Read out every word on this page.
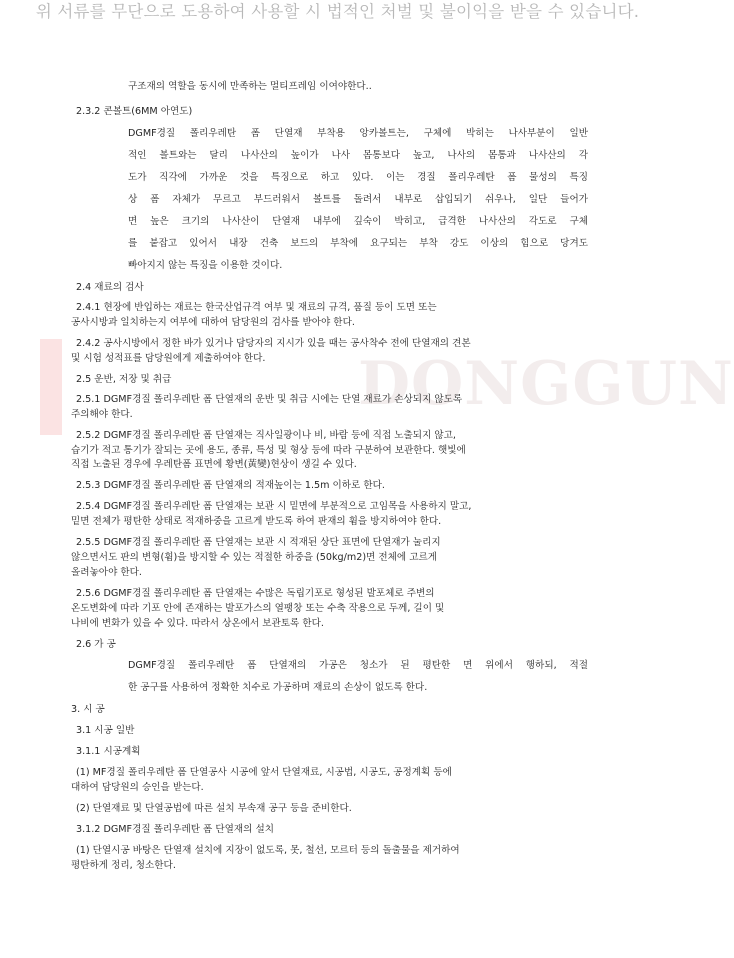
위 서류를 무단으로 도용하여 사용할 시 법적인 처벌 및 불이익을 받을 수 있습니다.
DONGGUN
구조재의 역할을 동시에 만족하는 멀티프레임 이여야한다..
2.3.2 콘볼트(6MM 아연도)
DGMF경질 폴리우레탄 폼 단열재 부착용 앙카볼트는, 구체에 박히는 나사부분이 일반
적인 볼트와는 달리 나사산의 높이가 나사 몸통보다 높고, 나사의 몸통과 나사산의 각
도가 직각에 가까운 것을 특징으로 하고 있다. 이는 경질 폴리우레탄 폼 물성의 특징
상 폼 자체가 무르고 부드러워서 볼트를 돌려서 내부로 삽입되기 쉬우나, 일단 들어가
면 높은 크기의 나사산이 단열재 내부에 깊숙이 박히고, 급격한 나사산의 각도로 구체
를 붙잡고 있어서 내장 건축 보드의 부착에 요구되는 부착 강도 이상의 힘으로 당겨도
빠아지지 않는 특징을 이용한 것이다.
2.4 재료의 검사
2.4.1 현장에 반입하는 재료는 한국산업규격 여부 및 재료의 규격, 품질 등이 도면 또는
공사시방과 일치하는지 여부에 대하여 담당원의 검사를 받아야 한다.
2.4.2 공사시방에서 정한 바가 있거나 담당자의 지시가 있을 때는 공사착수 전에 단열재의 견본
및 시험 성적표를 담당원에게 제출하여야 한다.
2.5 운반, 저장 및 취급
2.5.1 DGMF경질 폴리우레탄 폼 단열재의 운반 및 취급 시에는 단열 재료가 손상되지 않도록
주의해야 한다.
2.5.2 DGMF경질 폴리우레탄 폼 단열재는 직사일광이나 비, 바람 등에 직접 노출되지 않고,
습기가 적고 통기가 잘되는 곳에 용도, 종류, 특성 및 형상 등에 따라 구분하여 보관한다. 햇빛에
직접 노출된 경우에 우레탄폼 표면에 황변(黃變)현상이 생길 수 있다.
2.5.3 DGMF경질 폴리우레탄 폼 단열재의 적재높이는 1.5m 이하로 한다.
2.5.4 DGMF경질 폴리우레탄 폼 단열재는 보관 시 밑면에 부분적으로 고임목을 사용하지 말고,
밑면 전체가 평탄한 상태로 적재하중을 고르게 받도록 하여 판재의 휨을 방지하여야 한다.
2.5.5 DGMF경질 폴리우레탄 폼 단열재는 보관 시 적재된 상단 표면에 단열재가 눌리지
않으면서도 판의 변형(휨)을 방지할 수 있는 적절한 하중을 (50kg/m2)면 전체에 고르게
올려놓아야 한다.
2.5.6 DGMF경질 폴리우레탄 폼 단열재는 수많은 독립기포로 형성된 발포체로 주변의
온도변화에 따라 기포 안에 존재하는 발포가스의 열팽창 또는 수축 작용으로 두께, 길이 및
나비에 변화가 있을 수 있다. 따라서 상온에서 보관토록 한다.
2.6 가 공
DGMF경질 폴리우레탄 폼 단열재의 가공은 청소가 된 평탄한 면 위에서 행하되, 적절
한 공구를 사용하여 정확한 치수로 가공하며 재료의 손상이 없도록 한다.
3. 시 공
3.1 시공 일반
3.1.1 시공계획
(1) MF경질 폴리우레탄 폼 단열공사 시공에 앞서 단열재료, 시공법, 시공도, 공정계획 등에
대하여 담당원의 승인을 받는다.
(2) 단열재료 및 단열공법에 따른 설치 부속재 공구 등을 준비한다.
3.1.2 DGMF경질 폴리우레탄 폼 단열재의 설치
(1) 단열시공 바탕은 단열재 설치에 지장이 없도록, 못, 철선, 모르터 등의 돌출물을 제거하여
평탄하게 정리, 청소한다.
